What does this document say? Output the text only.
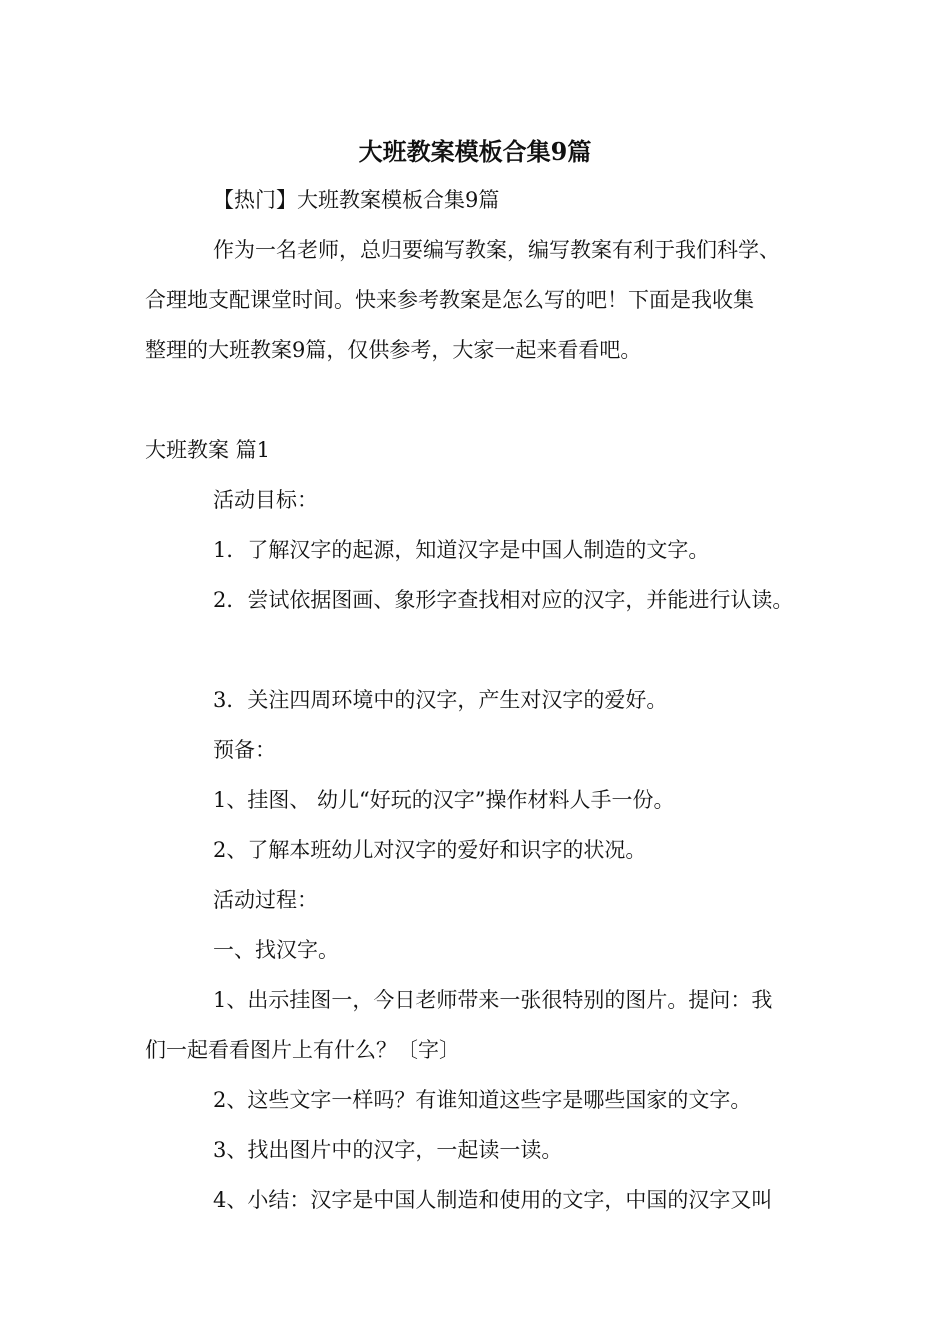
大班教案模板合集9篇
【热门】大班教案模板合集9篇
作为一名老师，总归要编写教案，编写教案有利于我们科学、
合理地支配课堂时间。快来参考教案是怎么写的吧！下面是我收集
整理的大班教案9篇，仅供参考，大家一起来看看吧。
大班教案 篇1
活动目标：
1．了解汉字的起源，知道汉字是中国人制造的文字。
2．尝试依据图画、象形字查找相对应的汉字，并能进行认读。
3．关注四周环境中的汉字，产生对汉字的爱好。
预备：
1、挂图、 幼儿“好玩的汉字”操作材料人手一份。
2、了解本班幼儿对汉字的爱好和识字的状况。
活动过程：
一、找汉字。
1、出示挂图一，今日老师带来一张很特别的图片。提问：我
们一起看看图片上有什么？〔字〕
2、这些文字一样吗？有谁知道这些字是哪些国家的文字。
3、找出图片中的汉字，一起读一读。
4、小结：汉字是中国人制造和使用的文字，中国的汉字又叫
